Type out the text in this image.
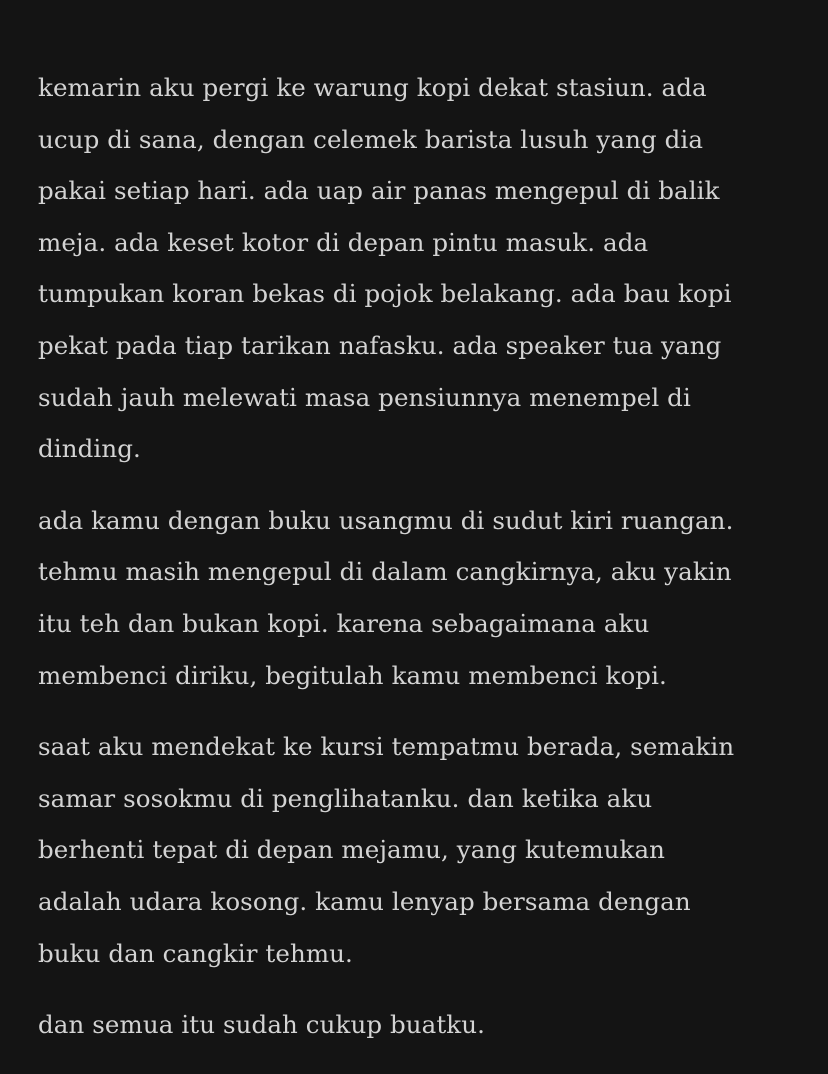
kemarin aku pergi ke warung kopi dekat stasiun. ada
ucup di sana, dengan celemek barista lusuh yang dia
pakai setiap hari. ada uap air panas mengepul di balik
meja. ada keset kotor di depan pintu masuk. ada
tumpukan koran bekas di pojok belakang. ada bau kopi
pekat pada tiap tarikan nafasku. ada speaker tua yang
sudah jauh melewati masa pensiunnya menempel di
dinding.

ada kamu dengan buku usangmu di sudut kiri ruangan.
tehmu masih mengepul di dalam cangkirnya, aku yakin
itu teh dan bukan kopi. karena sebagaimana aku
membenci diriku, begitulah kamu membenci kopi.

saat aku mendekat ke kursi tempatmu berada, semakin
samar sosokmu di penglihatanku. dan ketika aku
berhenti tepat di depan mejamu, yang kutemukan
adalah udara kosong. kamu lenyap bersama dengan
buku dan cangkir tehmu.

dan semua itu sudah cukup buatku.
